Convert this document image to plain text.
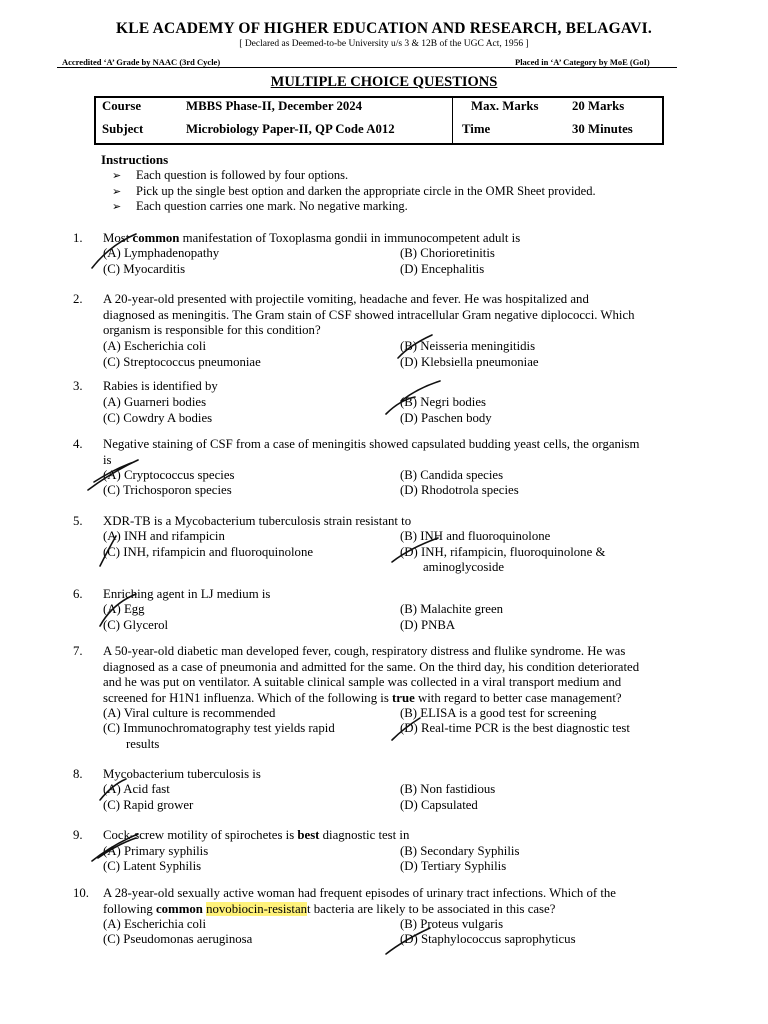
KLE ACADEMY OF HIGHER EDUCATION AND RESEARCH, BELAGAVI.
[ Declared as Deemed-to-be University u/s 3 & 12B of the UGC Act, 1956 ]
Accredited ‘A’ Grade by NAAC (3rd Cycle)	Placed in ‘A’ Category by MoE (GoI)
MULTIPLE CHOICE QUESTIONS
Course	MBBS Phase-II, December 2024	Max. Marks	20 Marks
Subject	Microbiology Paper-II, QP Code A012	Time	30 Minutes
Instructions
➢ Each question is followed by four options.
➢ Pick up the single best option and darken the appropriate circle in the OMR Sheet provided.
➢ Each question carries one mark. No negative marking.
1. Most common manifestation of Toxoplasma gondii in immunocompetent adult is
(A) Lymphadenopathy	(B) Chorioretinitis
(C) Myocarditis	(D) Encephalitis
2. A 20-year-old presented with projectile vomiting, headache and fever. He was hospitalized and
diagnosed as meningitis. The Gram stain of CSF showed intracellular Gram negative diplococci. Which
organism is responsible for this condition?
(A) Escherichia coli	(B) Neisseria meningitidis
(C) Streptococcus pneumoniae	(D) Klebsiella pneumoniae
3. Rabies is identified by
(A) Guarneri bodies	(B) Negri bodies
(C) Cowdry A bodies	(D) Paschen body
4. Negative staining of CSF from a case of meningitis showed capsulated budding yeast cells, the organism
is
(A) Cryptococcus species	(B) Candida species
(C) Trichosporon species	(D) Rhodotrola species
5. XDR-TB is a Mycobacterium tuberculosis strain resistant to
(A) INH and rifampicin	(B) INH and fluoroquinolone
(C) INH, rifampicin and fluoroquinolone	(D) INH, rifampicin, fluoroquinolone &
aminoglycoside
6. Enriching agent in LJ medium is
(A) Egg	(B) Malachite green
(C) Glycerol	(D) PNBA
7. A 50-year-old diabetic man developed fever, cough, respiratory distress and flulike syndrome. He was
diagnosed as a case of pneumonia and admitted for the same. On the third day, his condition deteriorated
and he was put on ventilator. A suitable clinical sample was collected in a viral transport medium and
screened for H1N1 influenza. Which of the following is true with regard to better case management?
(A) Viral culture is recommended	(B) ELISA is a good test for screening
(C) Immunochromatography test yields rapid	(D) Real-time PCR is the best diagnostic test
results
8. Mycobacterium tuberculosis is
(A) Acid fast	(B) Non fastidious
(C) Rapid grower	(D) Capsulated
9. Cock-screw motility of spirochetes is best diagnostic test in
(A) Primary syphilis	(B) Secondary Syphilis
(C) Latent Syphilis	(D) Tertiary Syphilis
10. A 28-year-old sexually active woman had frequent episodes of urinary tract infections. Which of the
following common novobiocin-resistant bacteria are likely to be associated in this case?
(A) Escherichia coli	(B) Proteus vulgaris
(C) Pseudomonas aeruginosa	(D) Staphylococcus saprophyticus
